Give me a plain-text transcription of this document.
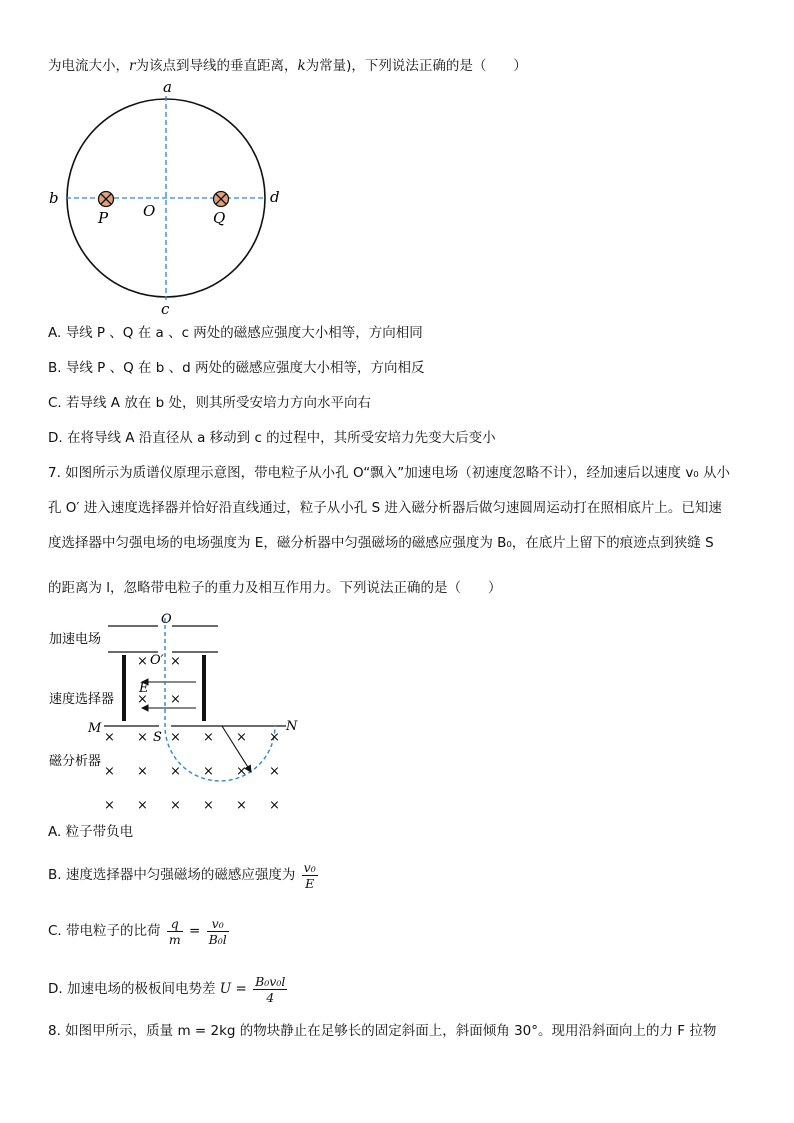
为电流大小，r为该点到导线的垂直距离，k为常量)，下列说法正确的是（　　）
a
b
c
d
O
P	Q
A. 导线 P 、Q 在 a 、c 两处的磁感应强度大小相等，方向相同
B. 导线 P 、Q 在 b 、d 两处的磁感应强度大小相等，方向相反
C. 若导线 A 放在 b 处，则其所受安培力方向水平向右
D. 在将导线 A 沿直径从 a 移动到 c 的过程中，其所受安培力先变大后变小
7. 如图所示为质谱仪原理示意图，带电粒子从小孔 O“飘入”加速电场（初速度忽略不计），经加速后以速度 v₀ 从小
孔 O′ 进入速度选择器并恰好沿直线通过，粒子从小孔 S 进入磁分析器后做匀速圆周运动打在照相底片上。已知速
度选择器中匀强电场的电场强度为 E，磁分析器中匀强磁场的磁感应强度为 B₀，在底片上留下的痕迹点到狭缝 S
的距离为 l，忽略带电粒子的重力及相互作用力。下列说法正确的是（　　）
加速电场
O
速度选择器
O′
× ×
× ×
E
M	N
S
磁分析器
× × × × × ×
× × × × × ×
× × × × × ×
A. 粒子带负电
B. 速度选择器中匀强磁场的磁感应强度为 $\frac{\text{v₀}}{E}$
C. 带电粒子的比荷 $\frac{q}{m} = \frac{\text{v₀}}{\text{B₀l}}$
D. 加速电场的极板间电势差 $U = \frac{\text{B₀v₀l}}{4}$
8. 如图甲所示，质量 m = 2kg 的物块静止在足够长的固定斜面上，斜面倾角 30°。现用沿斜面向上的力 F 拉物
